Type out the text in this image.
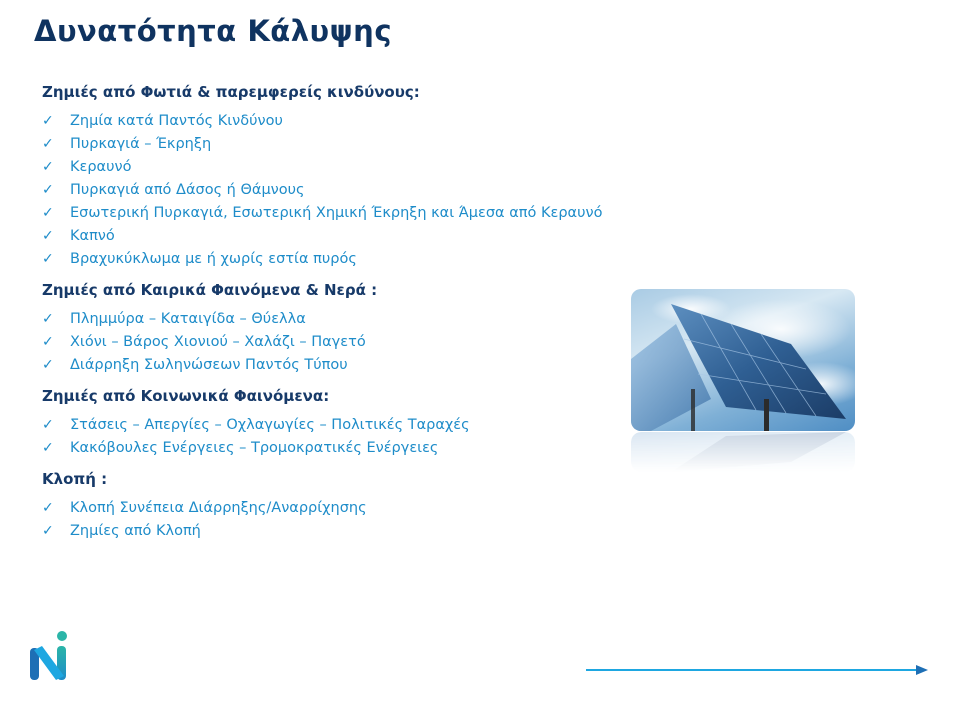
Δυνατότητα Κάλυψης
Ζημιές από Φωτιά & παρεμφερείς κινδύνους:
✓	Ζημία κατά Παντός Κινδύνου
✓	Πυρκαγιά – Έκρηξη
✓	Κεραυνό
✓	Πυρκαγιά από Δάσος ή Θάμνους
✓	Εσωτερική Πυρκαγιά, Εσωτερική Χημική Έκρηξη και Άμεσα από Κεραυνό
✓	Καπνό
✓	Βραχυκύκλωμα με ή χωρίς εστία πυρός
Ζημιές από Καιρικά Φαινόμενα & Νερά :
✓	Πλημμύρα – Καταιγίδα – Θύελλα
✓	Χιόνι – Βάρος Χιονιού – Χαλάζι – Παγετό
✓	Διάρρηξη Σωληνώσεων Παντός Τύπου
Ζημιές από Κοινωνικά Φαινόμενα:
✓	Στάσεις – Απεργίες – Οχλαγωγίες – Πολιτικές Ταραχές
✓	Κακόβουλες Ενέργειες – Τρομοκρατικές Ενέργειες
Κλοπή :
✓	Κλοπή Συνέπεια Διάρρηξης/Αναρρίχησης
✓	Ζημίες από Κλοπή
